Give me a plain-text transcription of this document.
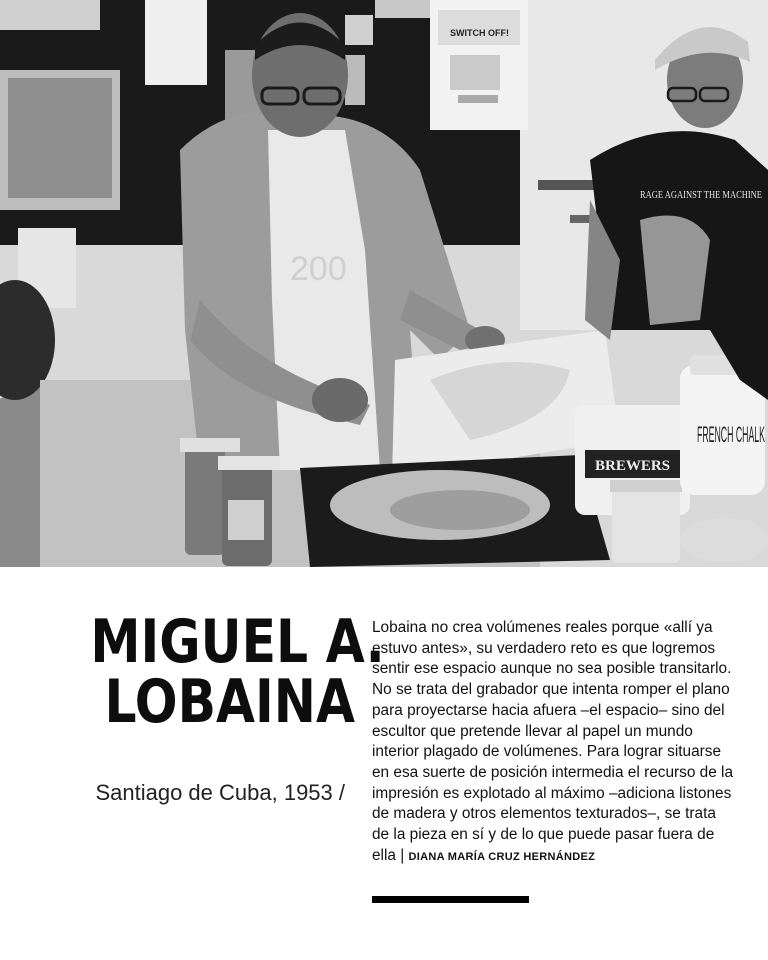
SWITCH OFF!
200
BREWERS
FRENCH CHALK
RAGE AGAINST THE MACHINE
MIGUEL A.
LOBAINA
Santiago de Cuba, 1953 /
Lobaina no crea volúmenes reales porque «allí ya estuvo antes», su verdadero reto es que logremos sentir ese espacio aunque no sea posible transitarlo. No se trata del grabador que intenta romper el plano para proyectarse hacia afuera –el espacio– sino del escultor que pretende llevar al papel un mundo interior plagado de volúmenes. Para lograr situarse en esa suerte de posición intermedia el recurso de la impresión es explotado al máximo –adiciona listones de madera y otros elementos texturados–, se trata de la pieza en sí y de lo que puede pasar fuera de ella | DIANA MARÍA CRUZ HERNÁNDEZ
